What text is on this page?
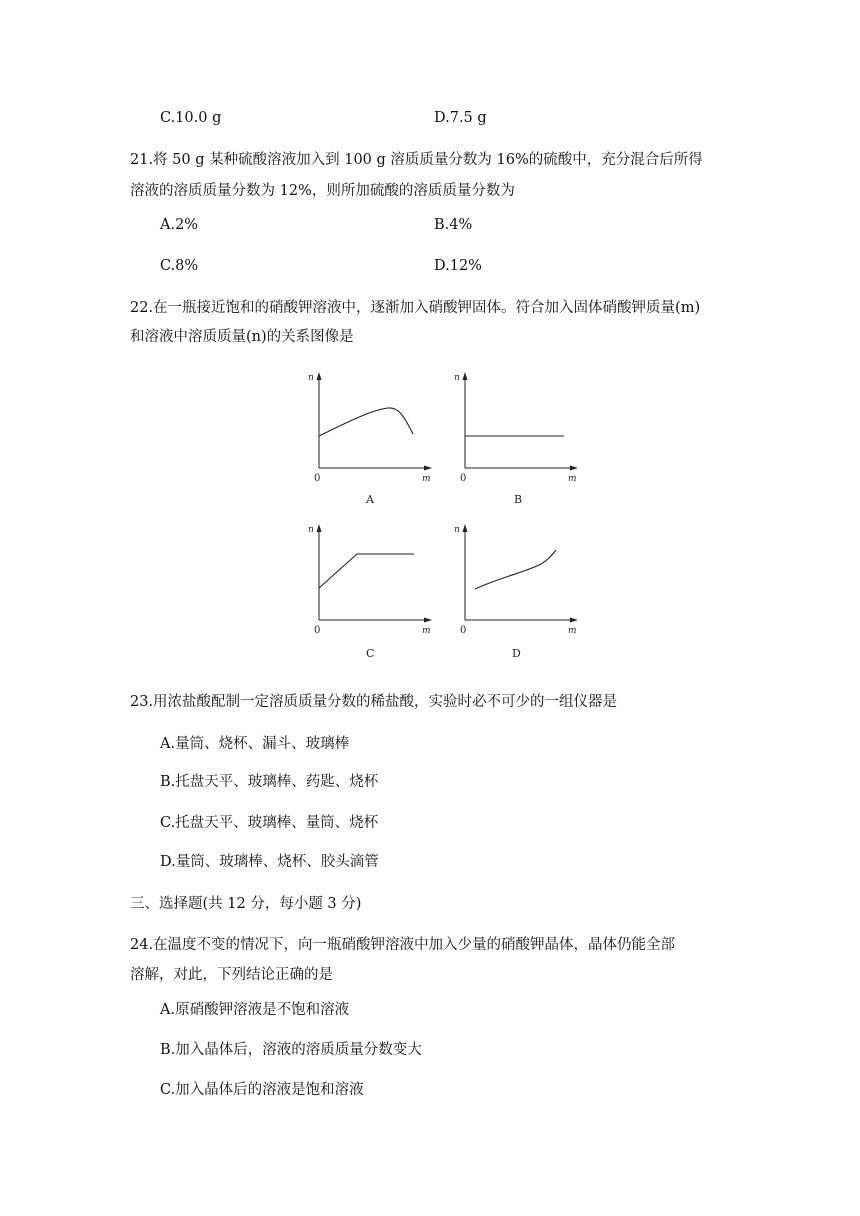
C.10.0 g	D.7.5 g
21.将 50 g 某种硫酸溶液加入到 100 g 溶质质量分数为 16%的硫酸中，充分混合后所得
溶液的溶质质量分数为 12%，则所加硫酸的溶质质量分数为
A.2%	B.4%
C.8%	D.12%
22.在一瓶接近饱和的硝酸钾溶液中，逐渐加入硝酸钾固体。符合加入固体硝酸钾质量(m)
和溶液中溶质质量(n)的关系图像是
n
0	m
A
n
0	m
B
n
0	m
C
n
0	m
D
23.用浓盐酸配制一定溶质质量分数的稀盐酸，实验时必不可少的一组仪器是
A.量筒、烧杯、漏斗、玻璃棒
B.托盘天平、玻璃棒、药匙、烧杯
C.托盘天平、玻璃棒、量筒、烧杯
D.量筒、玻璃棒、烧杯、胶头滴管
三、选择题(共 12 分，每小题 3 分)
24.在温度不变的情况下，向一瓶硝酸钾溶液中加入少量的硝酸钾晶体，晶体仍能全部
溶解，对此，下列结论正确的是
A.原硝酸钾溶液是不饱和溶液
B.加入晶体后，溶液的溶质质量分数变大
C.加入晶体后的溶液是饱和溶液
